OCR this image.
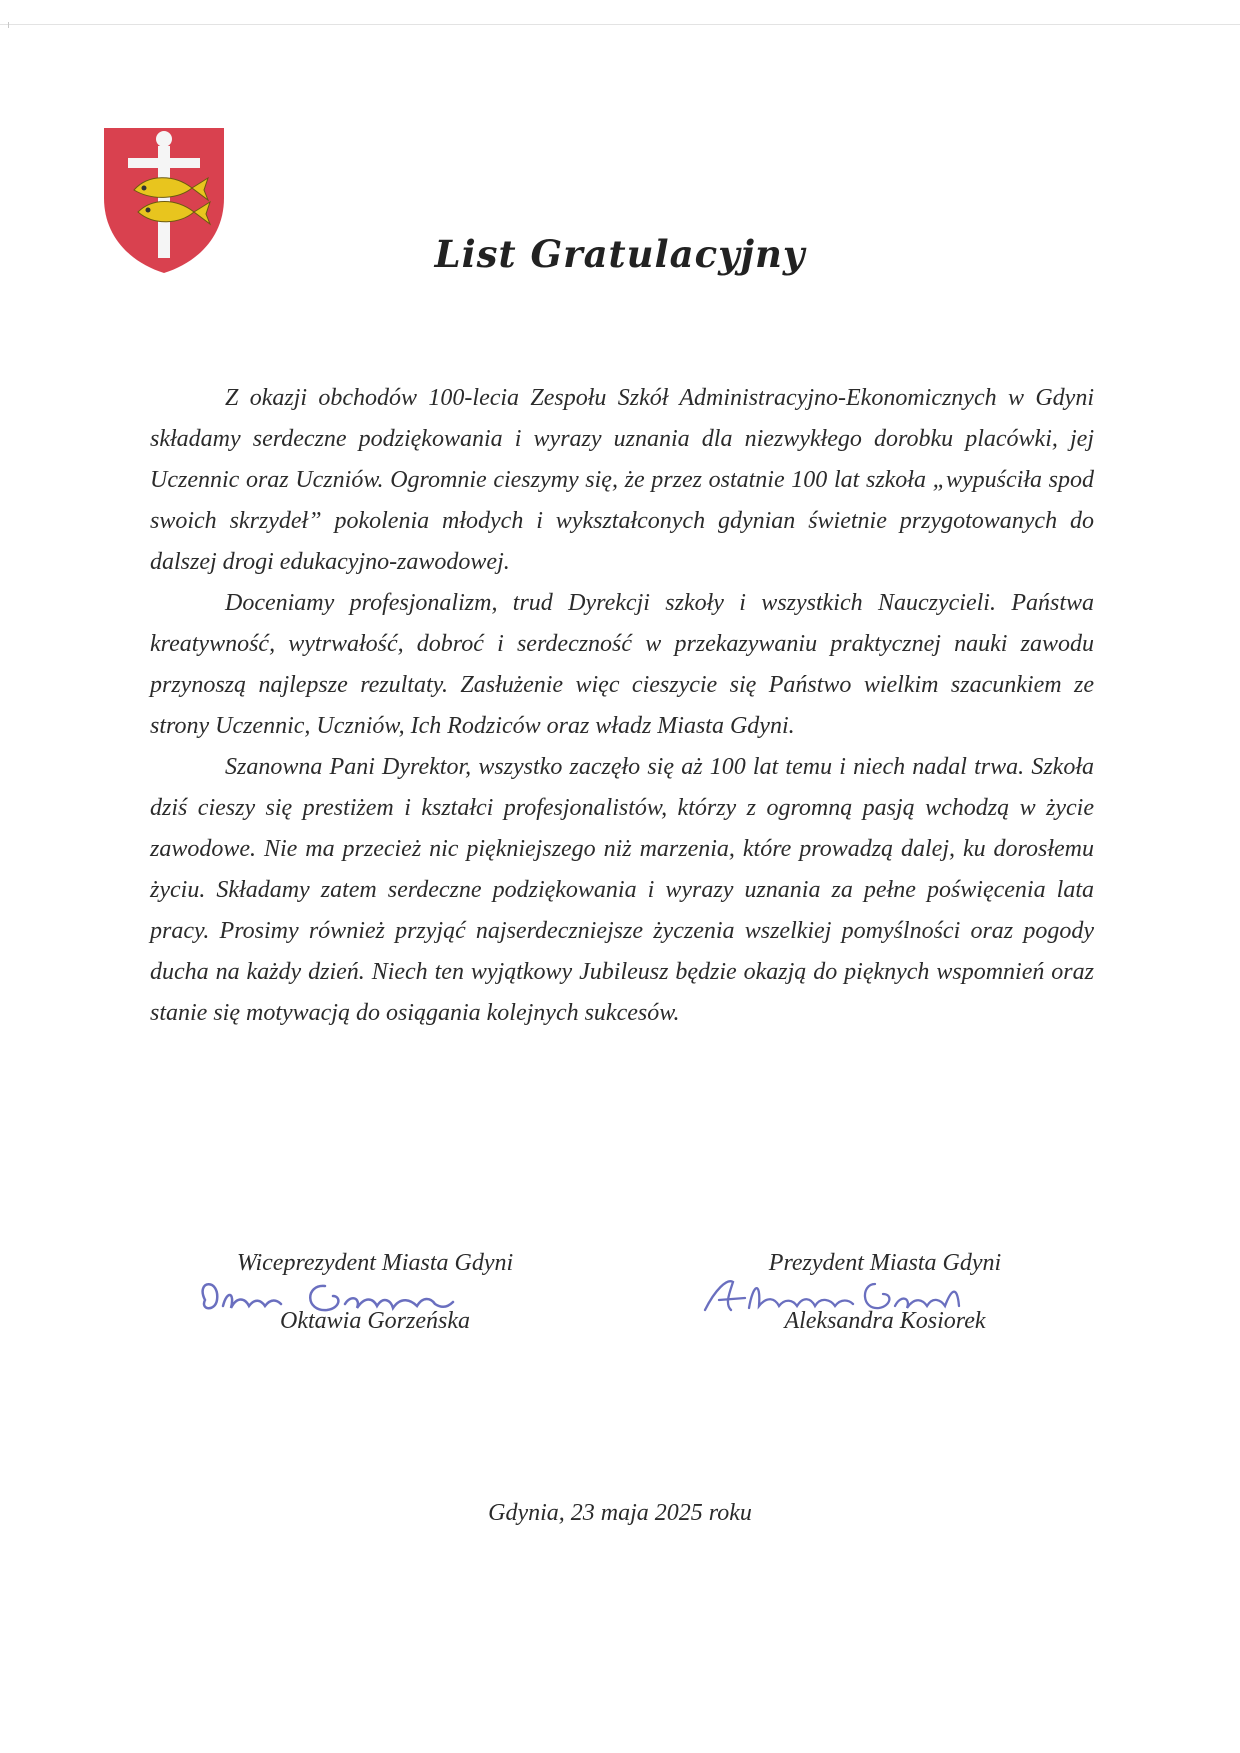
List Gratulacyjny

Z okazji obchodów 100-lecia Zespołu Szkół Administracyjno-Ekonomicznych w Gdyni składamy serdeczne podziękowania i wyrazy uznania dla niezwykłego dorobku placówki, jej Uczennic oraz Uczniów. Ogromnie cieszymy się, że przez ostatnie 100 lat szkoła „wypuściła spod swoich skrzydeł” pokolenia młodych i wykształconych gdynian świetnie przygotowanych do dalszej drogi edukacyjno-zawodowej.

Doceniamy profesjonalizm, trud Dyrekcji szkoły i wszystkich Nauczycieli. Państwa kreatywność, wytrwałość, dobroć i serdeczność w przekazywaniu praktycznej nauki zawodu przynoszą najlepsze rezultaty. Zasłużenie więc cieszycie się Państwo wielkim szacunkiem ze strony Uczennic, Uczniów, Ich Rodziców oraz władz Miasta Gdyni.

Szanowna Pani Dyrektor, wszystko zaczęło się aż 100 lat temu i niech nadal trwa. Szkoła dziś cieszy się prestiżem i kształci profesjonalistów, którzy z ogromną pasją wchodzą w życie zawodowe. Nie ma przecież nic piękniejszego niż marzenia, które prowadzą dalej, ku dorosłemu życiu. Składamy zatem serdeczne podziękowania i wyrazy uznania za pełne poświęcenia lata pracy. Prosimy również przyjąć najserdeczniejsze życzenia wszelkiej pomyślności oraz pogody ducha na każdy dzień. Niech ten wyjątkowy Jubileusz będzie okazją do pięknych wspomnień oraz stanie się motywacją do osiągania kolejnych sukcesów.

Wiceprezydent Miasta Gdyni
Oktawia Gorzeńska
Prezydent Miasta Gdyni
Aleksandra Kosiorek
Gdynia, 23 maja 2025 roku
